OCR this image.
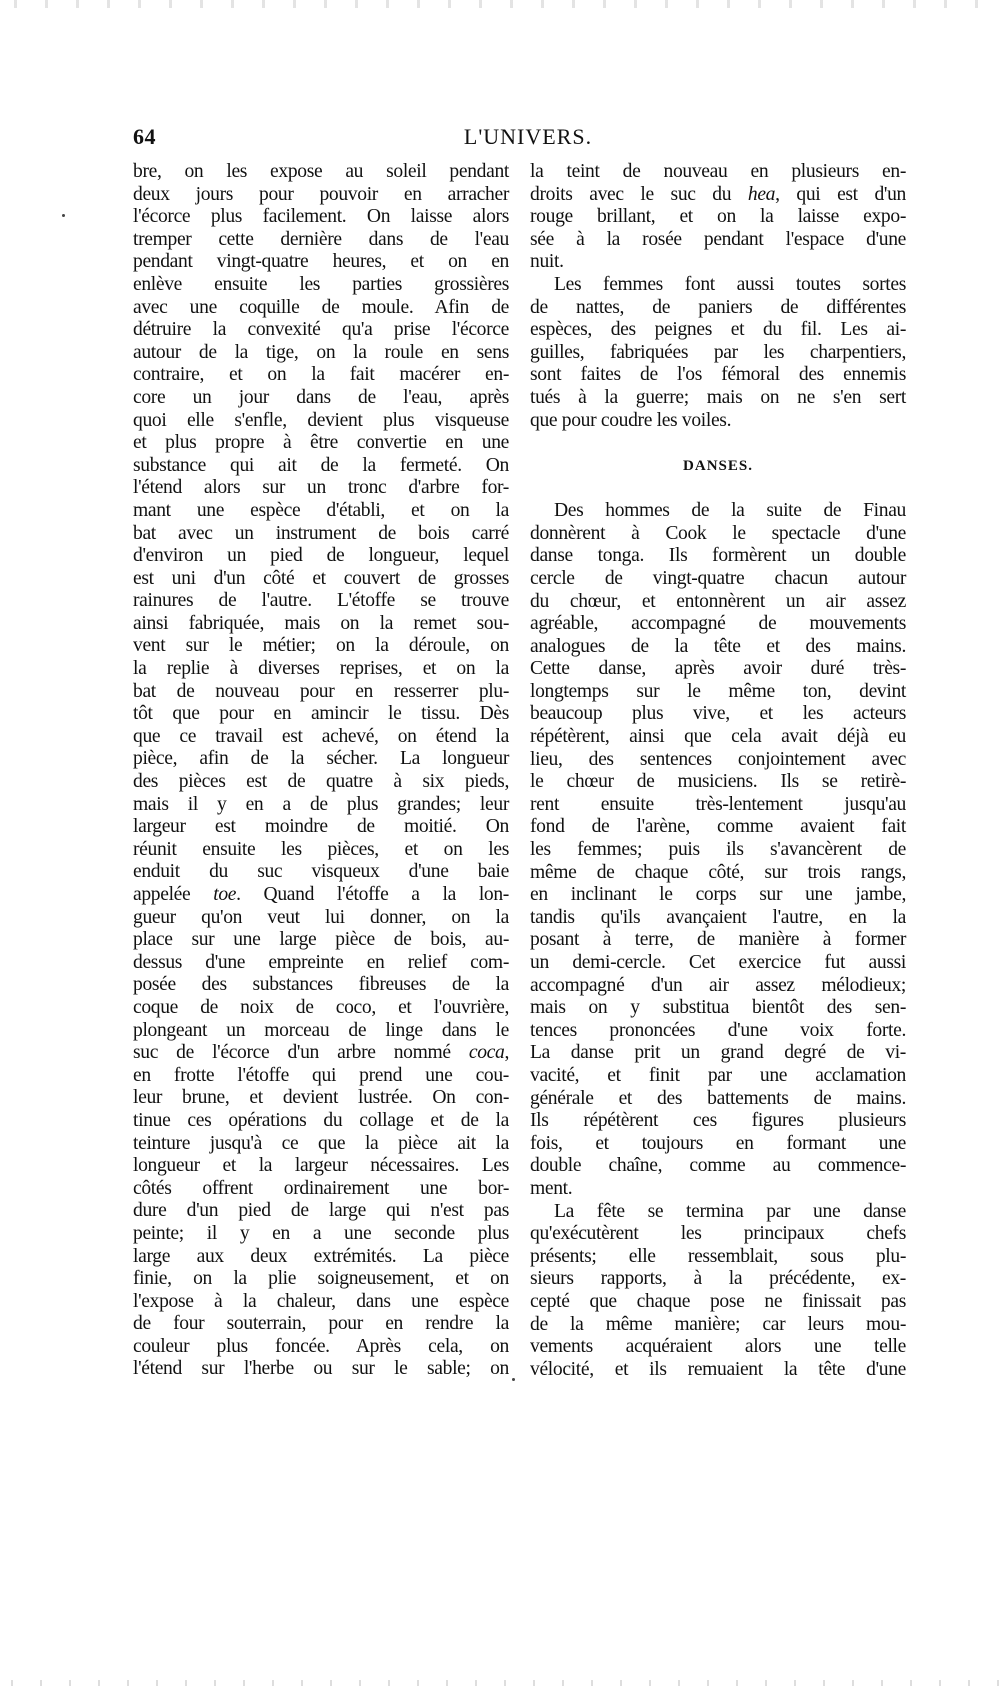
64	L'UNIVERS.
bre, on les expose au soleil pendant
deux jours pour pouvoir en arracher
l'écorce plus facilement. On laisse alors
tremper cette dernière dans de l'eau
pendant vingt-quatre heures, et on en
enlève ensuite les parties grossières
avec une coquille de moule. Afin de
détruire la convexité qu'a prise l'écorce
autour de la tige, on la roule en sens
contraire, et on la fait macérer en-
core un jour dans de l'eau, après
quoi elle s'enfle, devient plus visqueuse
et plus propre à être convertie en une
substance qui ait de la fermeté. On
l'étend alors sur un tronc d'arbre for-
mant une espèce d'établi, et on la
bat avec un instrument de bois carré
d'environ un pied de longueur, lequel
est uni d'un côté et couvert de grosses
rainures de l'autre. L'étoffe se trouve
ainsi fabriquée, mais on la remet sou-
vent sur le métier; on la déroule, on
la replie à diverses reprises, et on la
bat de nouveau pour en resserrer plu-
tôt que pour en amincir le tissu. Dès
que ce travail est achevé, on étend la
pièce, afin de la sécher. La longueur
des pièces est de quatre à six pieds,
mais il y en a de plus grandes; leur
largeur est moindre de moitié. On
réunit ensuite les pièces, et on les
enduit du suc visqueux d'une baie
appelée toe. Quand l'étoffe a la lon-
gueur qu'on veut lui donner, on la
place sur une large pièce de bois, au-
dessus d'une empreinte en relief com-
posée des substances fibreuses de la
coque de noix de coco, et l'ouvrière,
plongeant un morceau de linge dans le
suc de l'écorce d'un arbre nommé coca,
en frotte l'étoffe qui prend une cou-
leur brune, et devient lustrée. On con-
tinue ces opérations du collage et de la
teinture jusqu'à ce que la pièce ait la
longueur et la largeur nécessaires. Les
côtés offrent ordinairement une bor-
dure d'un pied de large qui n'est pas
peinte; il y en a une seconde plus
large aux deux extrémités. La pièce
finie, on la plie soigneusement, et on
l'expose à la chaleur, dans une espèce
de four souterrain, pour en rendre la
couleur plus foncée. Après cela, on
l'étend sur l'herbe ou sur le sable; on
la teint de nouveau en plusieurs en-
droits avec le suc du hea, qui est d'un
rouge brillant, et on la laisse expo-
sée à la rosée pendant l'espace d'une
nuit.
Les femmes font aussi toutes sortes
de nattes, de paniers de différentes
espèces, des peignes et du fil. Les ai-
guilles, fabriquées par les charpentiers,
sont faites de l'os fémoral des ennemis
tués à la guerre; mais on ne s'en sert
que pour coudre les voiles.
DANSES.
Des hommes de la suite de Finau
donnèrent à Cook le spectacle d'une
danse tonga. Ils formèrent un double
cercle de vingt-quatre chacun autour
du chœur, et entonnèrent un air assez
agréable, accompagné de mouvements
analogues de la tête et des mains.
Cette danse, après avoir duré très-
longtemps sur le même ton, devint
beaucoup plus vive, et les acteurs
répétèrent, ainsi que cela avait déjà eu
lieu, des sentences conjointement avec
le chœur de musiciens. Ils se retirè-
rent ensuite très-lentement jusqu'au
fond de l'arène, comme avaient fait
les femmes; puis ils s'avancèrent de
même de chaque côté, sur trois rangs,
en inclinant le corps sur une jambe,
tandis qu'ils avançaient l'autre, en la
posant à terre, de manière à former
un demi-cercle. Cet exercice fut aussi
accompagné d'un air assez mélodieux;
mais on y substitua bientôt des sen-
tences prononcées d'une voix forte.
La danse prit un grand degré de vi-
vacité, et finit par une acclamation
générale et des battements de mains.
Ils répétèrent ces figures plusieurs
fois, et toujours en formant une
double chaîne, comme au commence-
ment.
La fête se termina par une danse
qu'exécutèrent les principaux chefs
présents; elle ressemblait, sous plu-
sieurs rapports, à la précédente, ex-
cepté que chaque pose ne finissait pas
de la même manière; car leurs mou-
vements acquéraient alors une telle
vélocité, et ils remuaient la tête d'une
